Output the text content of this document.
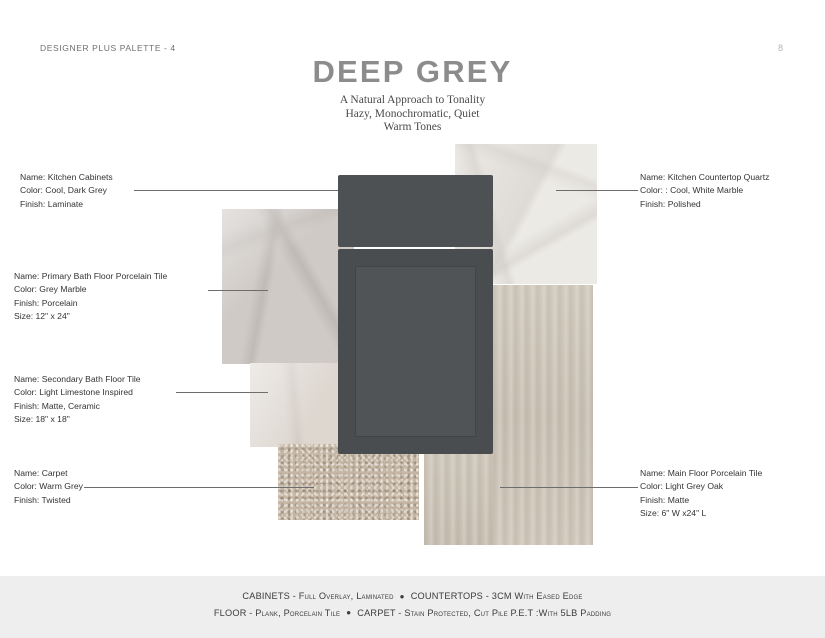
DESIGNER PLUS PALETTE - 4	8
DEEP GREY
A Natural Approach to Tonality
Hazy, Monochromatic, Quiet
Warm Tones
Name: Kitchen Cabinets
Color: Cool, Dark Grey
Finish: Laminate
Name: Kitchen Countertop Quartz
Color: : Cool, White Marble
Finish: Polished
Name: Primary Bath Floor Porcelain Tile
Color: Grey Marble
Finish: Porcelain
Size: 12" x 24"
Name: Secondary Bath Floor Tile
Color: Light Limestone Inspired
Finish: Matte, Ceramic
Size: 18" x 18"
Name: Carpet
Color: Warm Grey
Finish: Twisted
Name: Main Floor Porcelain Tile
Color: Light Grey Oak
Finish: Matte
Size: 6" W x24" L
CABINETS - Full Overlay, Laminated ● COUNTERTOPS - 3CM With Eased Edge
FLOOR - Plank, Porcelain Tile ● CARPET - Stain Protected, Cut Pile P.E.T :With 5LB Padding
